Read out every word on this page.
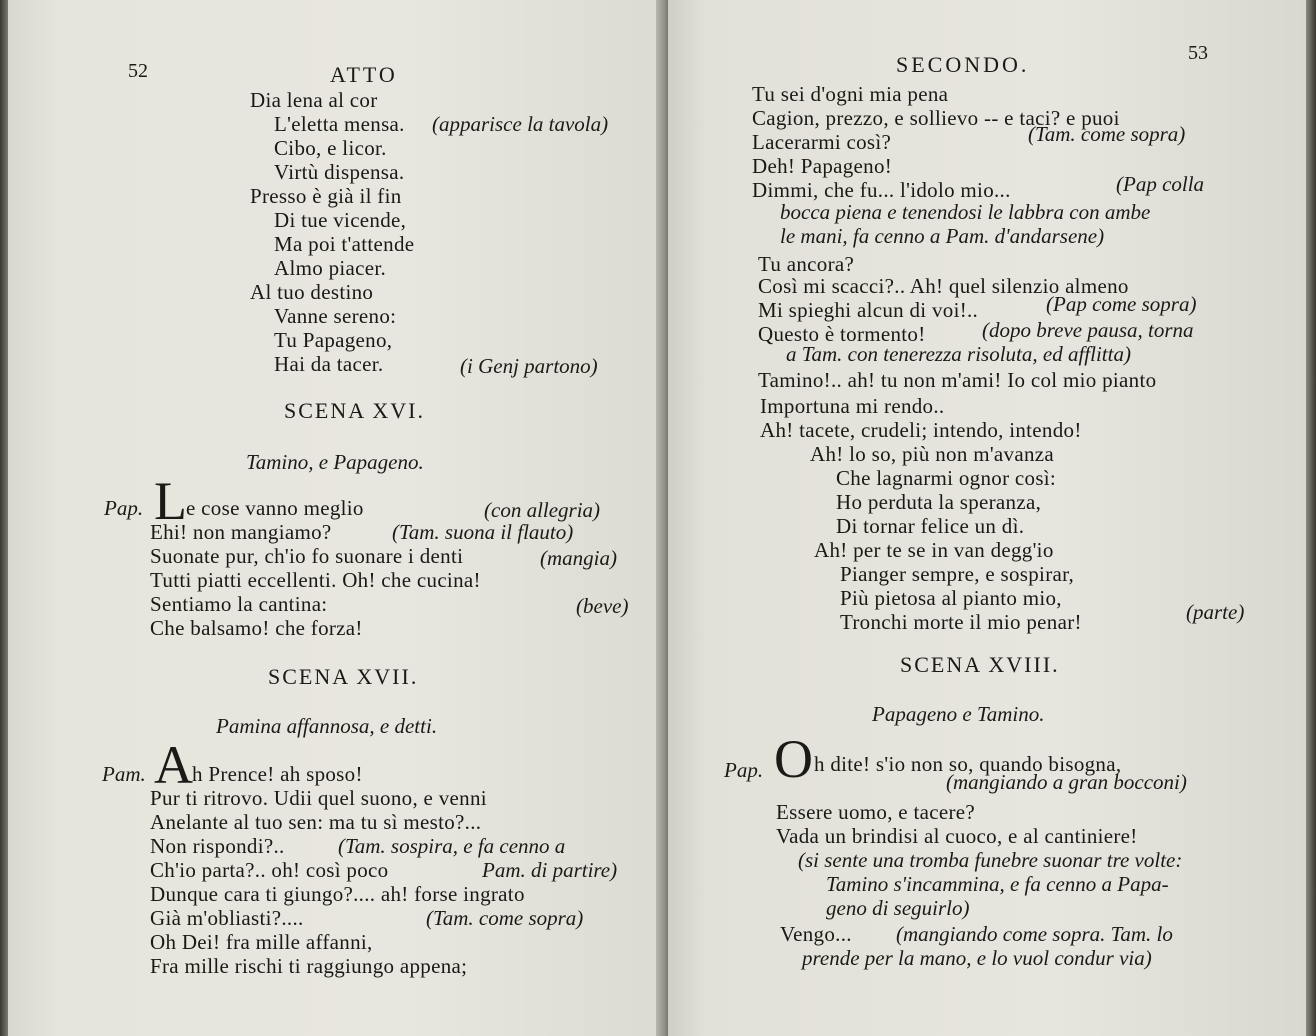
52	ATTO
Dia lena al cor
L'eletta mensa. (apparisce la tavola)
Cibo, e licor.
Virtù dispensa.
Presso è già il fin
Di tue vicende,
Ma poi t'attende
Almo piacer.
Al tuo destino
Vanne sereno:
Tu Papageno,
Hai da tacer.	(i Genj partono)
SCENA XVI.
Tamino, e Papageno.
Pap. L e cose vanno meglio	(con allegria)
Ehi! non mangiamo?	(Tam. suona il flauto)
Suonate pur, ch'io fo suonare i denti	(mangia)
Tutti piatti eccellenti. Oh! che cucina!
Sentiamo la cantina:	(beve)
Che balsamo! che forza!
SCENA XVII.
Pamina affannosa, e detti.
Pam. A h Prence! ah sposo!
Pur ti ritrovo. Udii quel suono, e venni
Anelante al tuo sen: ma tu sì mesto?...
Non rispondi?..	(Tam. sospira, e fa cenno a
Ch'io parta?.. oh! così poco	Pam. di partire)
Dunque cara ti giungo?.... ah! forse ingrato
Già m'obliasti?....	(Tam. come sopra)
Oh Dei! fra mille affanni,
Fra mille rischi ti raggiungo appena;
SECONDO.	53
Tu sei d'ogni mia pena
Cagion, prezzo, e sollievo -- e taci? e puoi
Lacerarmi così?	(Tam. come sopra)
Deh! Papageno!
Dimmi, che fu... l'idolo mio...	(Pap colla
bocca piena e tenendosi le labbra con ambe
le mani, fa cenno a Pam. d'andarsene)
Tu ancora?
Così mi scacci?.. Ah! quel silenzio almeno
Mi spieghi alcun di voi!..	(Pap come sopra)
Questo è tormento!	(dopo breve pausa, torna
a Tam. con tenerezza risoluta, ed afflitta)
Tamino!.. ah! tu non m'ami! Io col mio pianto
Importuna mi rendo..
Ah! tacete, crudeli; intendo, intendo!
Ah! lo so, più non m'avanza
Che lagnarmi ognor così:
Ho perduta la speranza,
Di tornar felice un dì.
Ah! per te se in van degg'io
Pianger sempre, e sospirar,
Più pietosa al pianto mio,
Tronchi morte il mio penar!	(parte)
SCENA XVIII.
Papageno e Tamino.
Pap. O h dite! s'io non so, quando bisogna,
(mangiando a gran bocconi)
Essere uomo, e tacere?
Vada un brindisi al cuoco, e al cantiniere!
(si sente una tromba funebre suonar tre volte:
Tamino s'incammina, e fa cenno a Papa-
geno di seguirlo)
Vengo... (mangiando come sopra. Tam. lo
prende per la mano, e lo vuol condur via)
